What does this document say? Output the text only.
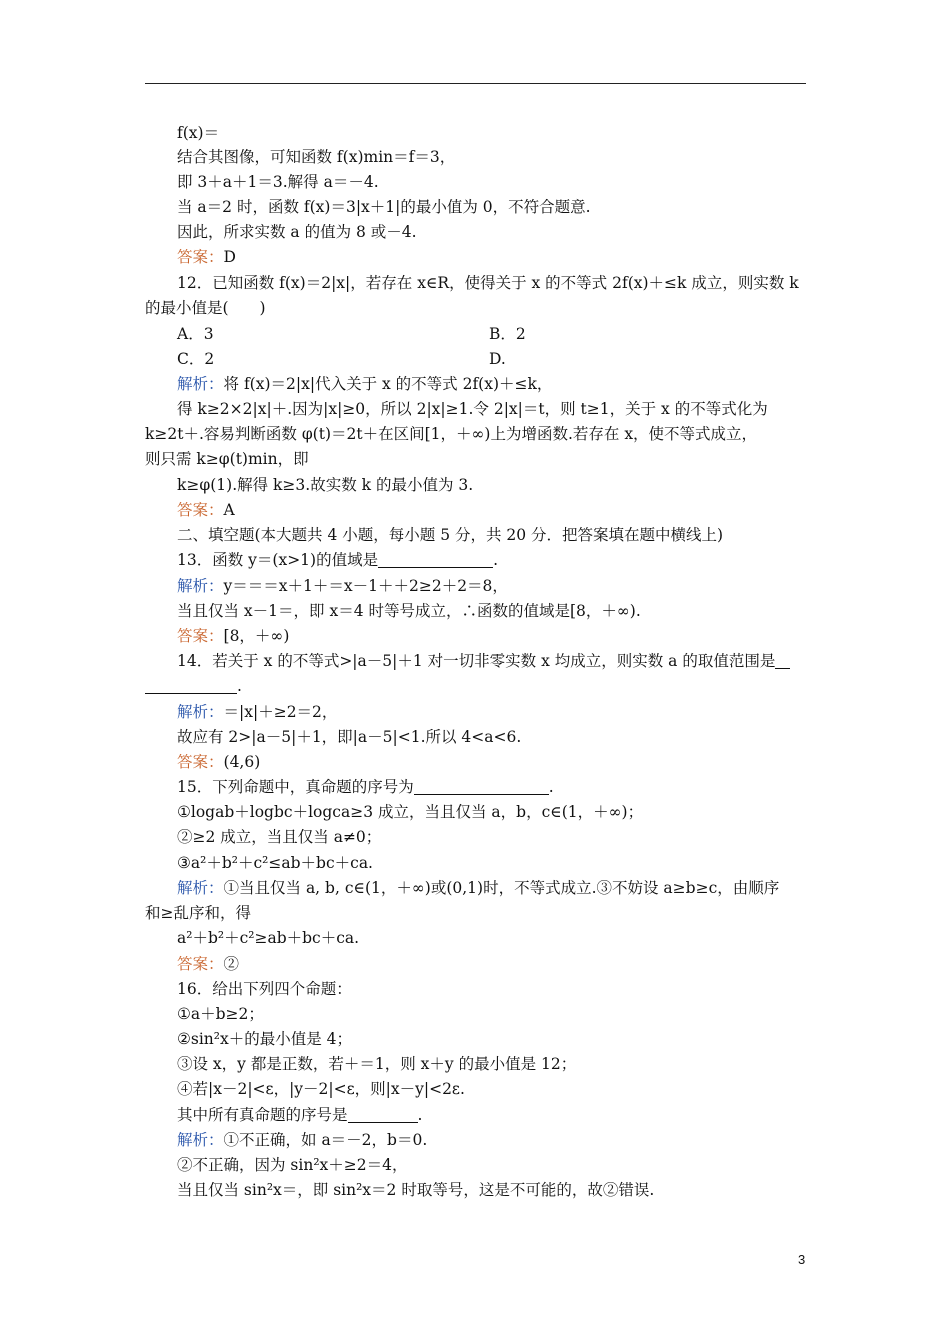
f(x)＝
结合其图像，可知函数 f(x)min＝f＝3，
即 3＋a＋1＝3.解得 a＝－4.
当 a＝2 时，函数 f(x)＝3|x＋1|的最小值为 0，不符合题意.
因此，所求实数 a 的值为 8 或－4.
答案：D
12．已知函数 f(x)＝2|x|，若存在 x∈R，使得关于 x 的不等式 2f(x)＋≤k 成立，则实数 k
的最小值是(　　)
A．3	B．2
C．2	D.
解析：将 f(x)＝2|x|代入关于 x 的不等式 2f(x)＋≤k，
得 k≥2×2|x|＋.因为|x|≥0，所以 2|x|≥1.令 2|x|＝t，则 t≥1，关于 x 的不等式化为
k≥2t＋.容易判断函数 φ(t)＝2t＋在区间[1，＋∞)上为增函数.若存在 x，使不等式成立，
则只需 k≥φ(t)min，即
k≥φ(1).解得 k≥3.故实数 k 的最小值为 3.
答案：A
二、填空题(本大题共 4 小题，每小题 5 分，共 20 分．把答案填在题中横线上)
13．函数 y＝(x>1)的值域是	.
解析：y＝＝＝x＋1＋＝x－1＋＋2≥2＋2＝8，
当且仅当 x－1＝，即 x＝4 时等号成立，∴函数的值域是[8，＋∞).
答案：[8，＋∞)
14．若关于 x 的不等式>|a－5|＋1 对一切非零实数 x 均成立，则实数 a 的取值范围是
.
解析：＝|x|＋≥2＝2，
故应有 2>|a－5|＋1，即|a－5|<1.所以 4<a<6.
答案：(4,6)
15．下列命题中，真命题的序号为	.
①logab＋logbc＋logca≥3 成立，当且仅当 a，b，c∈(1，＋∞)；
②≥2 成立，当且仅当 a≠0；
③a²＋b²＋c²≤ab＋bc＋ca.
解析：①当且仅当 a, b, c∈(1，＋∞)或(0,1)时，不等式成立.③不妨设 a≥b≥c，由顺序
和≥乱序和，得
a²＋b²＋c²≥ab＋bc＋ca.
答案：②
16．给出下列四个命题：
①a＋b≥2；
②sin²x＋的最小值是 4；
③设 x，y 都是正数，若＋＝1，则 x＋y 的最小值是 12；
④若|x－2|<ε，|y－2|<ε，则|x－y|<2ε.
其中所有真命题的序号是	.
解析：①不正确，如 a＝－2，b＝0.
②不正确，因为 sin²x＋≥2＝4，
当且仅当 sin²x＝，即 sin²x＝2 时取等号，这是不可能的，故②错误.
3
